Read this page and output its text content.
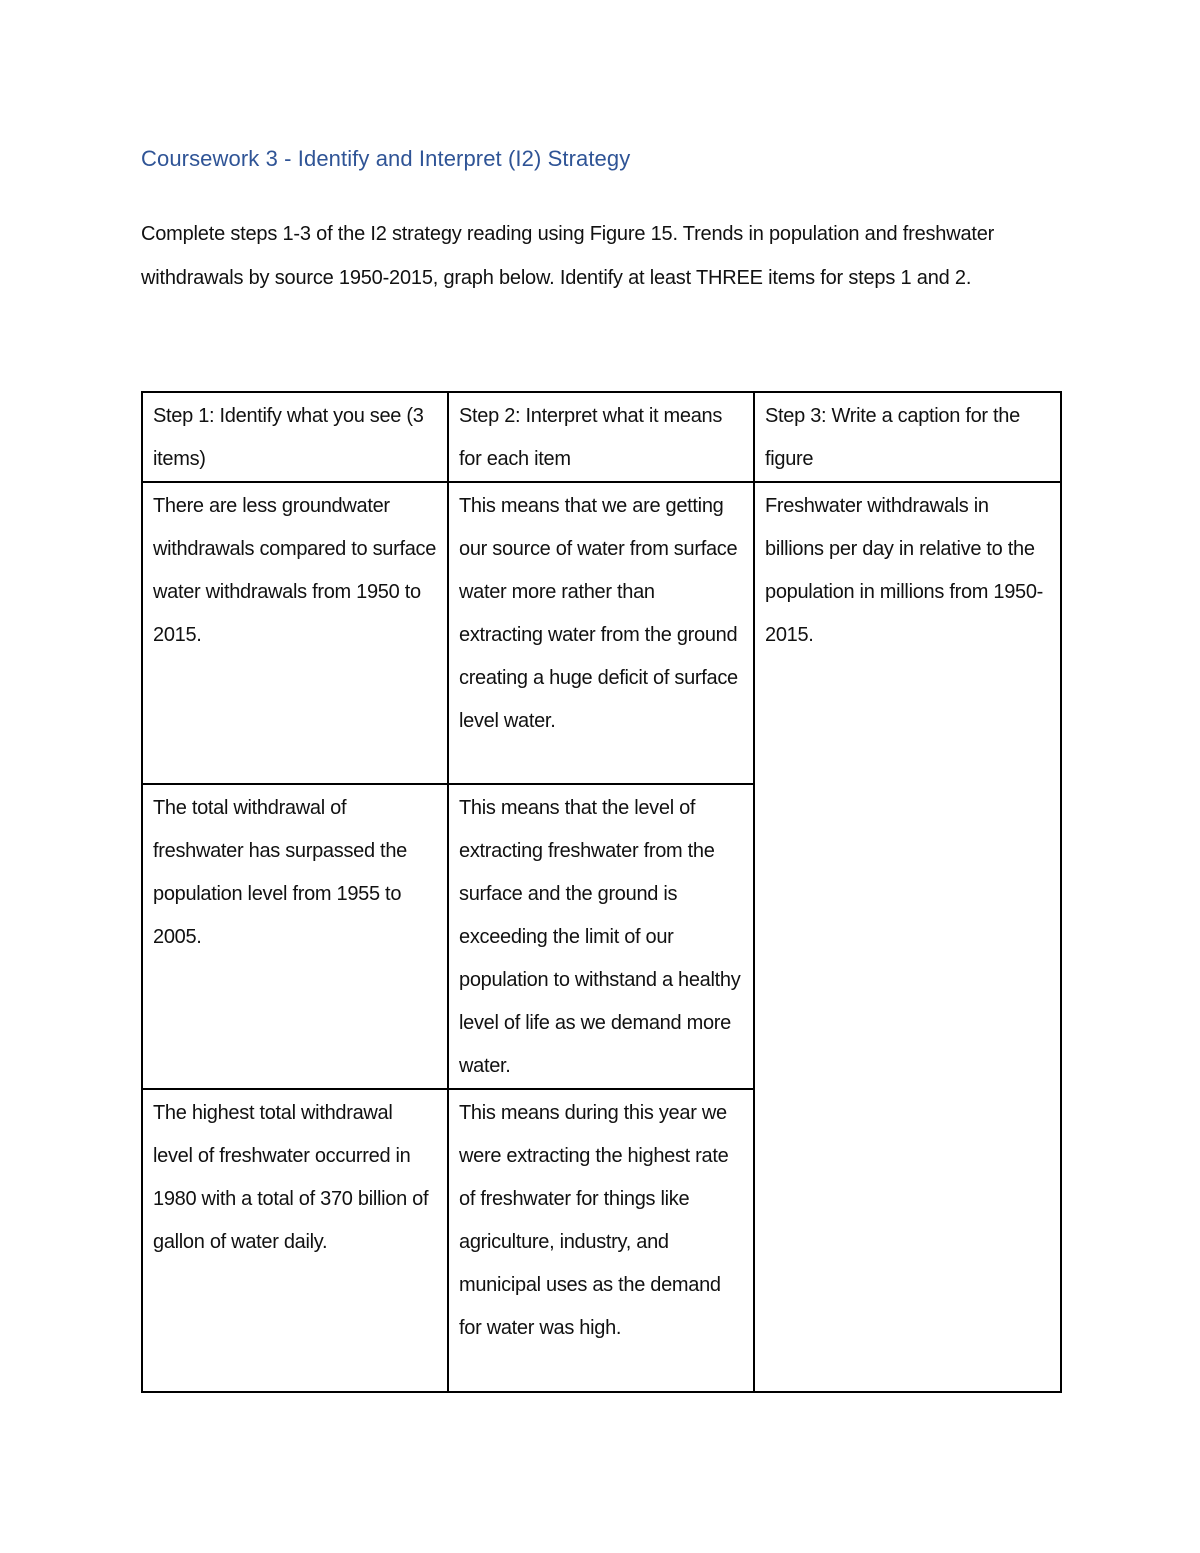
Coursework 3 - Identify and Interpret (I2) Strategy
Complete steps 1-3 of the I2 strategy reading using Figure 15. Trends in population and freshwater withdrawals by source 1950-2015, graph below. Identify at least THREE items for steps 1 and 2.
Step 1: Identify what you see (3 items)	Step 2: Interpret what it means for each item	Step 3: Write a caption for the figure
There are less groundwater withdrawals compared to surface water withdrawals from 1950 to 2015.	This means that we are getting our source of water from surface water more rather than extracting water from the ground creating a huge deficit of surface level water.	Freshwater withdrawals in billions per day in relative to the population in millions from 1950-2015.
The total withdrawal of freshwater has surpassed the population level from 1955 to 2005.	This means that the level of extracting freshwater from the surface and the ground is exceeding the limit of our population to withstand a healthy level of life as we demand more water.	
The highest total withdrawal level of freshwater occurred in 1980 with a total of 370 billion of gallon of water daily.	This means during this year we were extracting the highest rate of freshwater for things like agriculture, industry, and municipal uses as the demand for water was high.	
